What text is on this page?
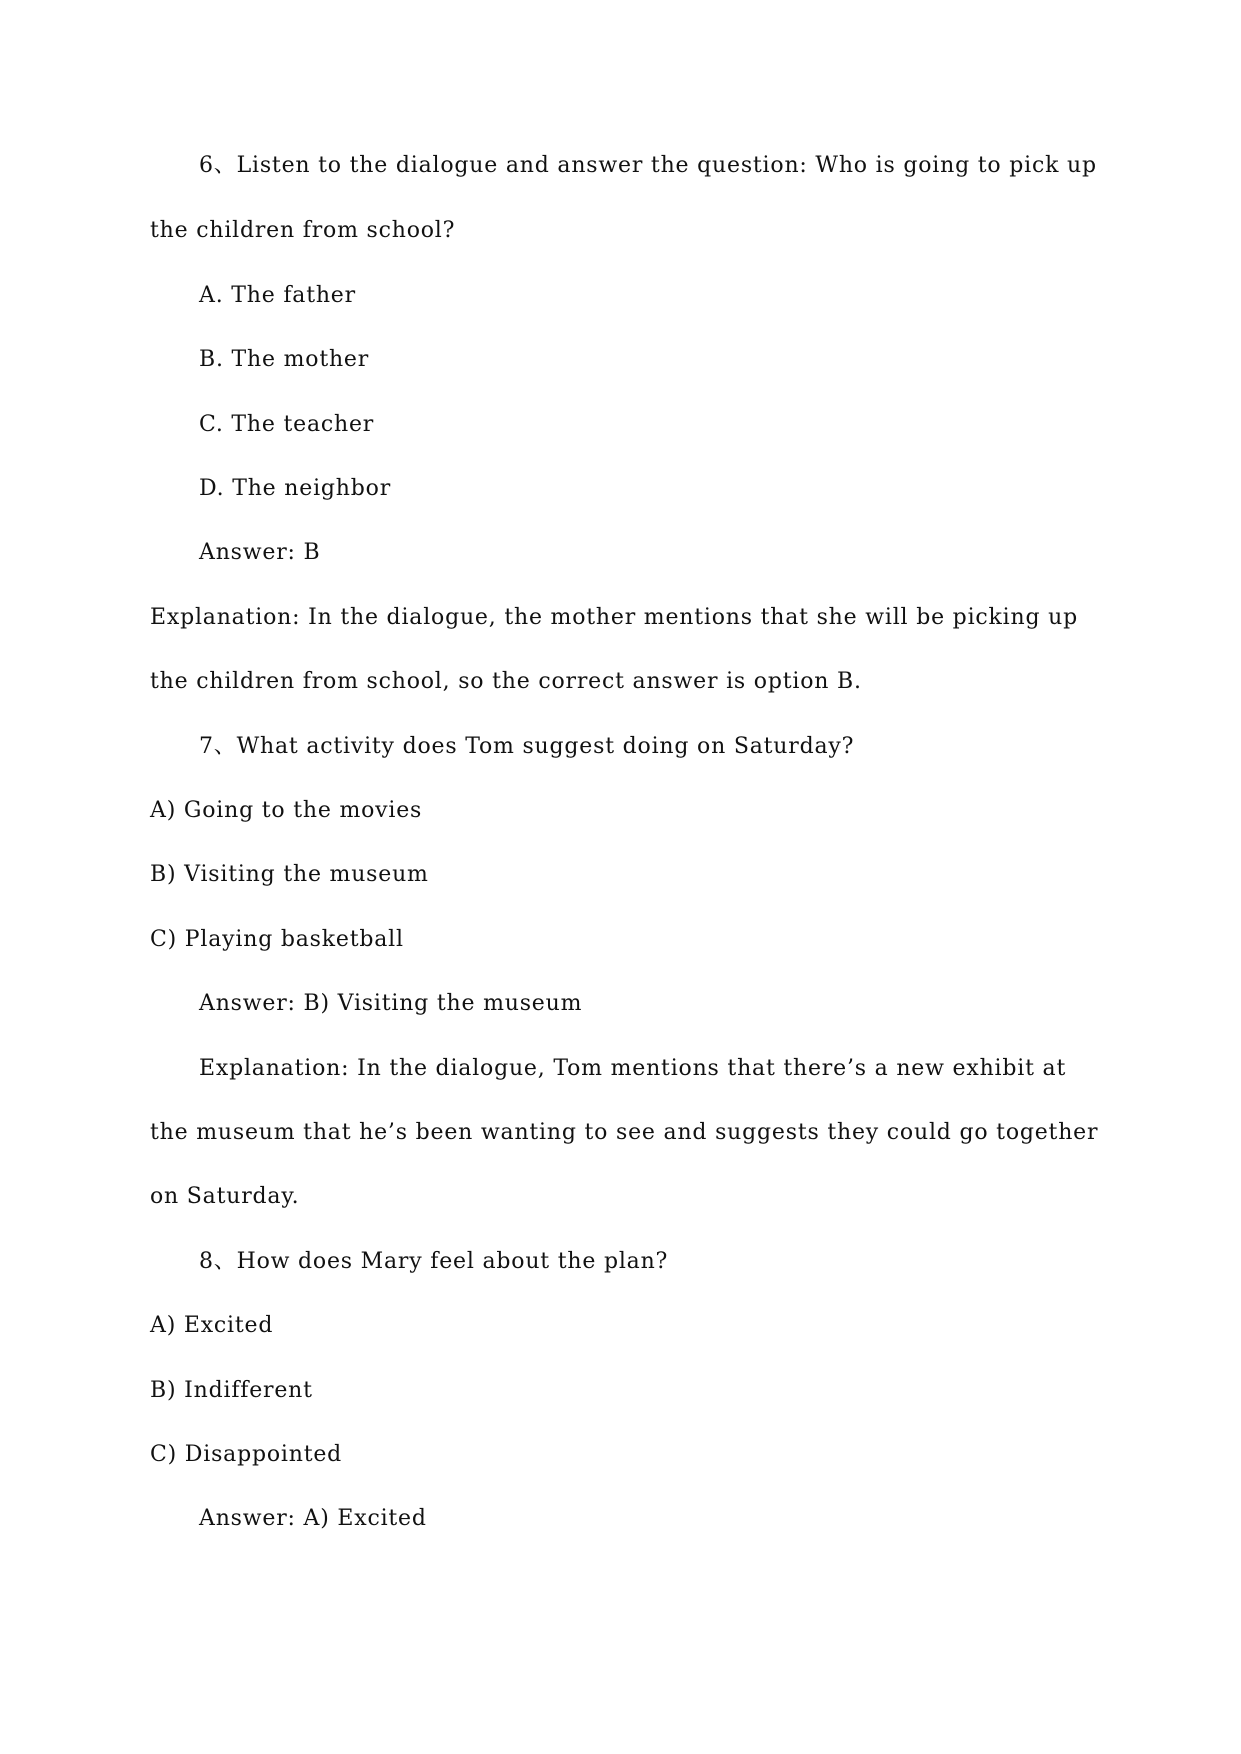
6、Listen to the dialogue and answer the question: Who is going to pick up
the children from school?
A. The father
B. The mother
C. The teacher
D. The neighbor
Answer: B
Explanation: In the dialogue, the mother mentions that she will be picking up
the children from school, so the correct answer is option B.
7、What activity does Tom suggest doing on Saturday?
A) Going to the movies
B) Visiting the museum
C) Playing basketball
Answer: B) Visiting the museum
Explanation: In the dialogue, Tom mentions that there’s a new exhibit at
the museum that he’s been wanting to see and suggests they could go together
on Saturday.
8、How does Mary feel about the plan?
A) Excited
B) Indifferent
C) Disappointed
Answer: A) Excited
